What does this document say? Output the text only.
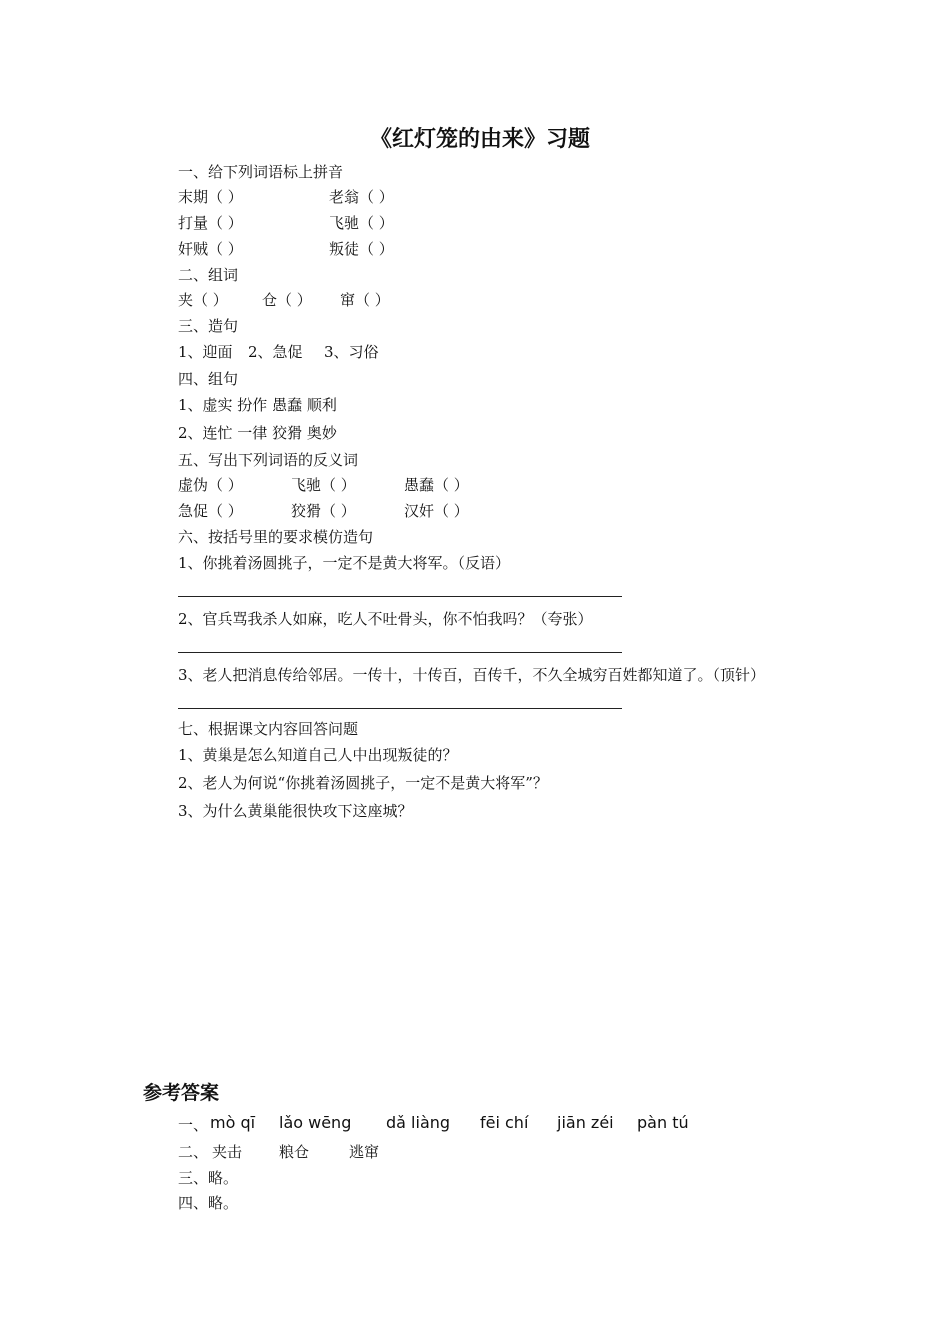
《红灯笼的由来》习题
一、给下列词语标上拼音
末期（ ）	老翁（ ）
打量（ ）	飞驰（ ）
奸贼（ ）	叛徒（ ）
二、组词
夹（ ） 仓（ ） 窜（ ）
三、造句
1、迎面 2、急促 3、习俗
四、组句
1、虚实 扮作 愚蠢 顺利
2、连忙 一律 狡猾 奥妙
五、写出下列词语的反义词
虚伪（ ）	飞驰（ ）	愚蠢（ ）
急促（ ）	狡猾（ ）	汉奸（ ）
六、按括号里的要求模仿造句
1、你挑着汤圆挑子，一定不是黄大将军。（反语）
2、官兵骂我杀人如麻，吃人不吐骨头，你不怕我吗？（夸张）
3、老人把消息传给邻居。一传十，十传百，百传千，不久全城穷百姓都知道了。（顶针）
七、根据课文内容回答问题
1、黄巢是怎么知道自己人中出现叛徒的？
2、老人为何说“你挑着汤圆挑子，一定不是黄大将军”？
3、为什么黄巢能很快攻下这座城？
参考答案
一、 mò qī lǎo wēng dǎ liàng fēi chí jiān zéi pàn tú
二、 夹击 粮仓	逃窜
三、略。
四、略。
